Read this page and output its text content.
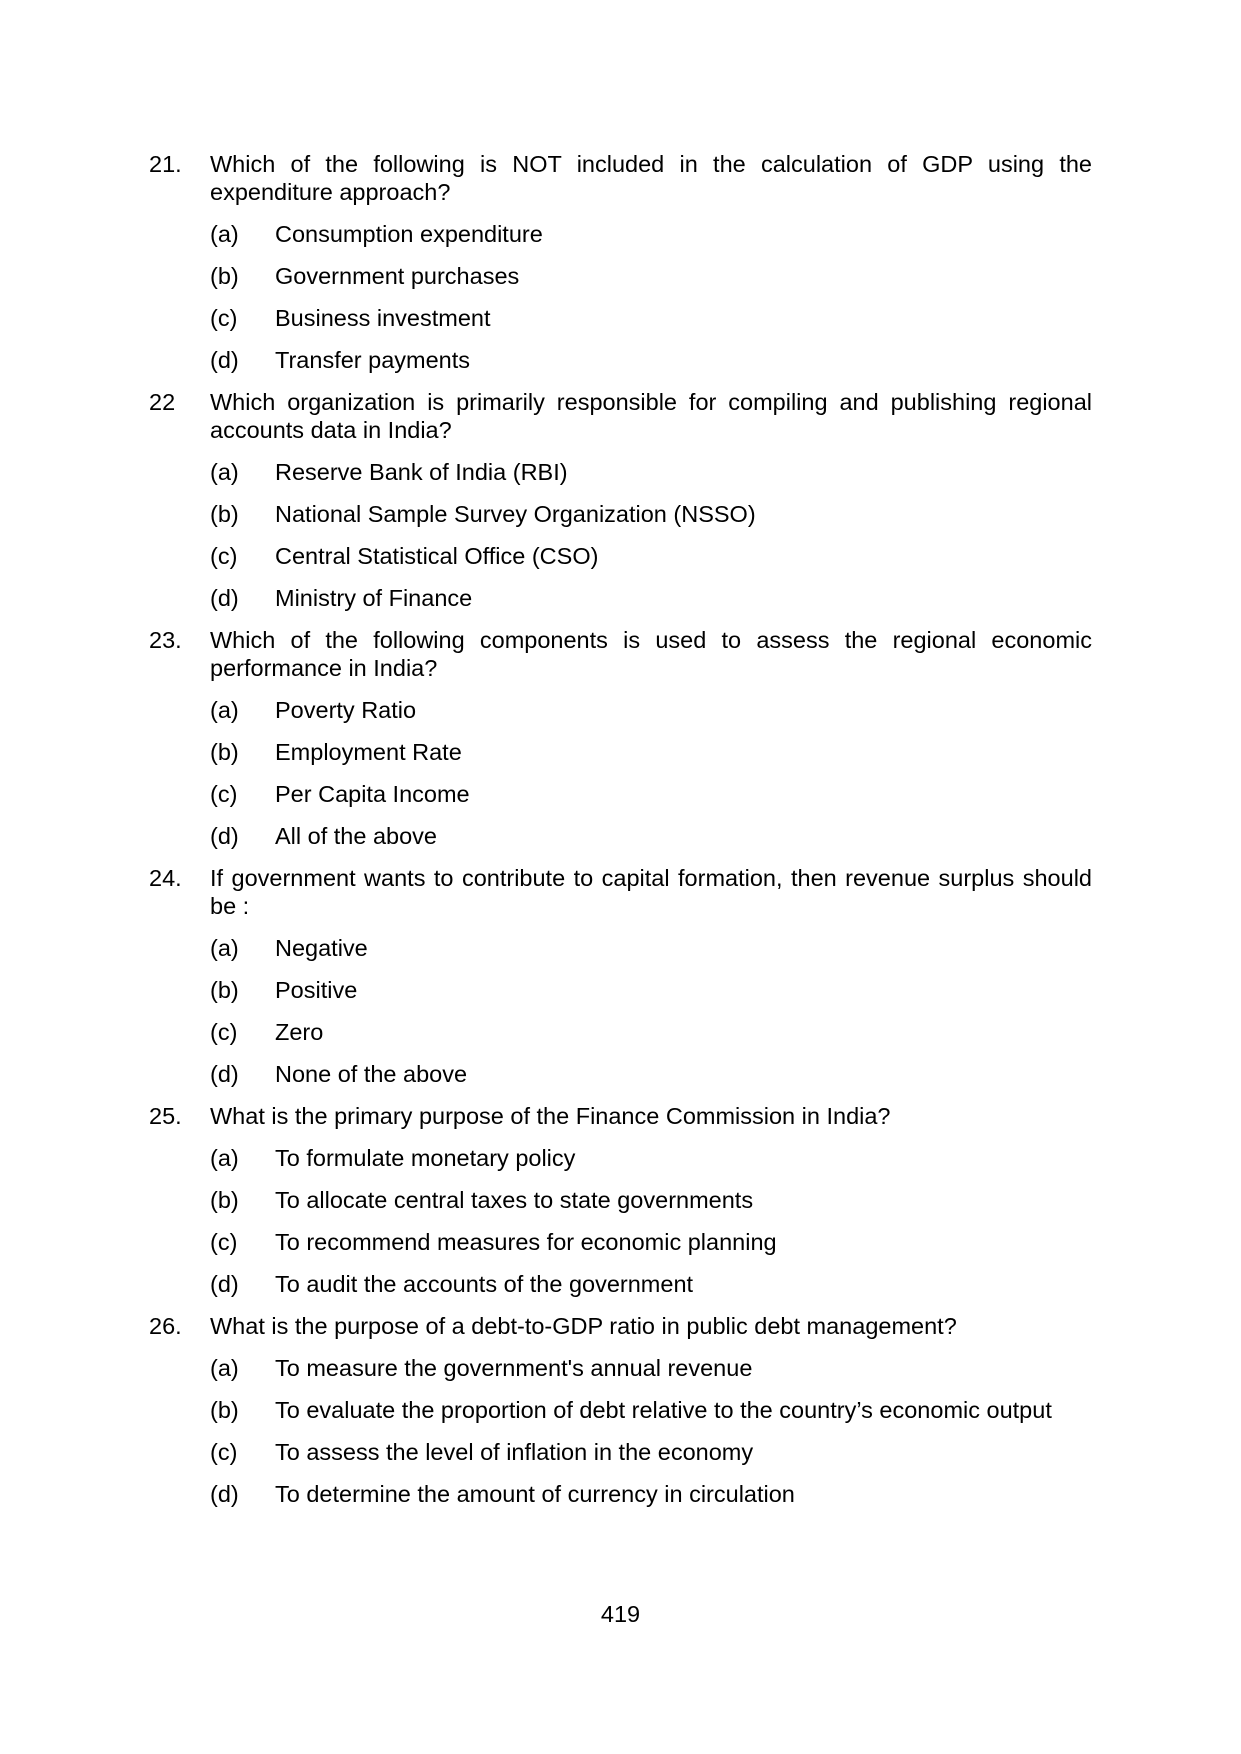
21.	Which of the following is NOT included in the calculation of GDP using the expenditure approach?
(a)	Consumption expenditure
(b)	Government purchases
(c)	Business investment
(d)	Transfer payments
22	Which organization is primarily responsible for compiling and publishing regional accounts data in India?
(a)	Reserve Bank of India (RBI)
(b)	National Sample Survey Organization (NSSO)
(c)	Central Statistical Office (CSO)
(d)	Ministry of Finance
23.	Which of the following components is used to assess the regional economic performance in India?
(a)	Poverty Ratio
(b)	Employment Rate
(c)	Per Capita Income
(d)	All of the above
24.	If government wants to contribute to capital formation, then revenue surplus should be :
(a)	Negative
(b)	Positive
(c)	Zero
(d)	None of the above
25.	What is the primary purpose of the Finance Commission in India?
(a)	To formulate monetary policy
(b)	To allocate central taxes to state governments
(c)	To recommend measures for economic planning
(d)	To audit the accounts of the government
26.	What is the purpose of a debt-to-GDP ratio in public debt management?
(a)	To measure the government's annual revenue
(b)	To evaluate the proportion of debt relative to the country’s economic output
(c)	To assess the level of inflation in the economy
(d)	To determine the amount of currency in circulation
419
